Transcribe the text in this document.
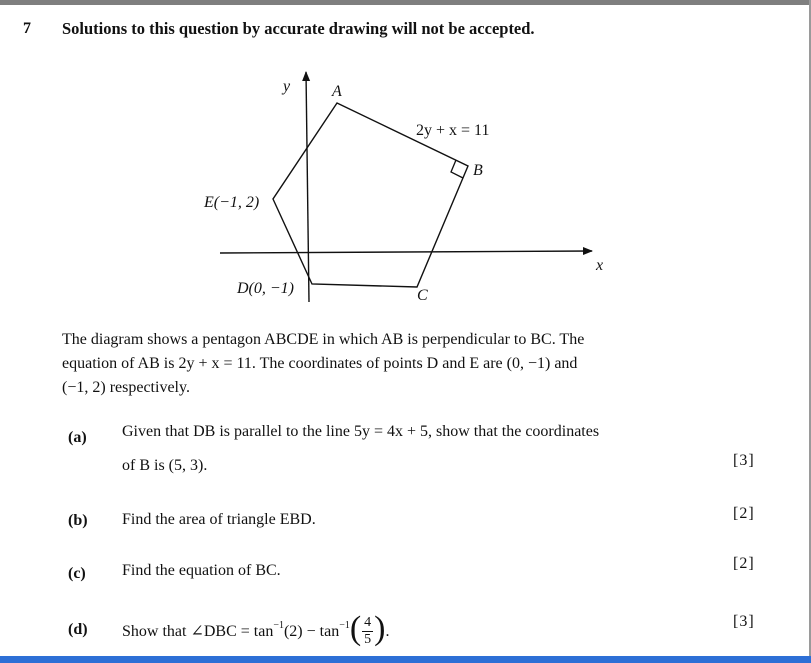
7 Solutions to this question by accurate drawing will not be accepted.
y
x
A
B
C
D(0, −1)
E(−1, 2)
2y + x = 11

The diagram shows a pentagon ABCDE in which AB is perpendicular to BC. The

equation of AB is 2y + x = 11. The coordinates of points D and E are (0, −1) and

(−1, 2) respectively.

(a) Given that DB is parallel to the line 5y = 4x + 5, show that the coordinates
of B is (5, 3).	[3]
(b) Find the area of triangle EBD.	[2]
(c) Find the equation of BC.	[2]
(d) Show that ∠DBC = $\tan^{-1}(2) - \tan^{-1}( \frac{4}{5}$ ).
[3]
